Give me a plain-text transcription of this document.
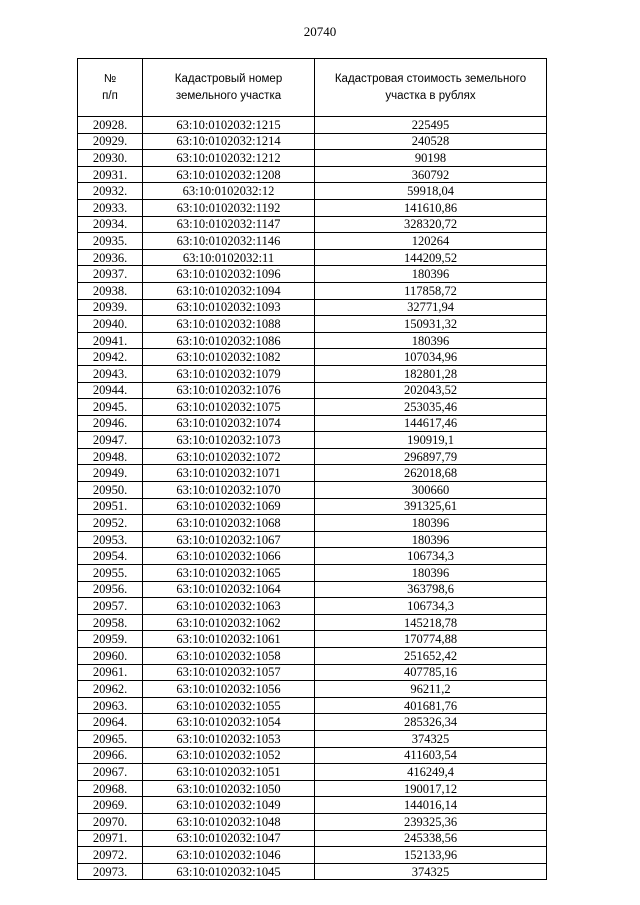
20740
№
п/п	Кадастровый номер земельного участка	Кадастровая стоимость земельного участка в рублях
20928.	63:10:0102032:1215	225495
20929.	63:10:0102032:1214	240528
20930.	63:10:0102032:1212	90198
20931.	63:10:0102032:1208	360792
20932.	63:10:0102032:12	59918,04
20933.	63:10:0102032:1192	141610,86
20934.	63:10:0102032:1147	328320,72
20935.	63:10:0102032:1146	120264
20936.	63:10:0102032:11	144209,52
20937.	63:10:0102032:1096	180396
20938.	63:10:0102032:1094	117858,72
20939.	63:10:0102032:1093	32771,94
20940.	63:10:0102032:1088	150931,32
20941.	63:10:0102032:1086	180396
20942.	63:10:0102032:1082	107034,96
20943.	63:10:0102032:1079	182801,28
20944.	63:10:0102032:1076	202043,52
20945.	63:10:0102032:1075	253035,46
20946.	63:10:0102032:1074	144617,46
20947.	63:10:0102032:1073	190919,1
20948.	63:10:0102032:1072	296897,79
20949.	63:10:0102032:1071	262018,68
20950.	63:10:0102032:1070	300660
20951.	63:10:0102032:1069	391325,61
20952.	63:10:0102032:1068	180396
20953.	63:10:0102032:1067	180396
20954.	63:10:0102032:1066	106734,3
20955.	63:10:0102032:1065	180396
20956.	63:10:0102032:1064	363798,6
20957.	63:10:0102032:1063	106734,3
20958.	63:10:0102032:1062	145218,78
20959.	63:10:0102032:1061	170774,88
20960.	63:10:0102032:1058	251652,42
20961.	63:10:0102032:1057	407785,16
20962.	63:10:0102032:1056	96211,2
20963.	63:10:0102032:1055	401681,76
20964.	63:10:0102032:1054	285326,34
20965.	63:10:0102032:1053	374325
20966.	63:10:0102032:1052	411603,54
20967.	63:10:0102032:1051	416249,4
20968.	63:10:0102032:1050	190017,12
20969.	63:10:0102032:1049	144016,14
20970.	63:10:0102032:1048	239325,36
20971.	63:10:0102032:1047	245338,56
20972.	63:10:0102032:1046	152133,96
20973.	63:10:0102032:1045	374325
